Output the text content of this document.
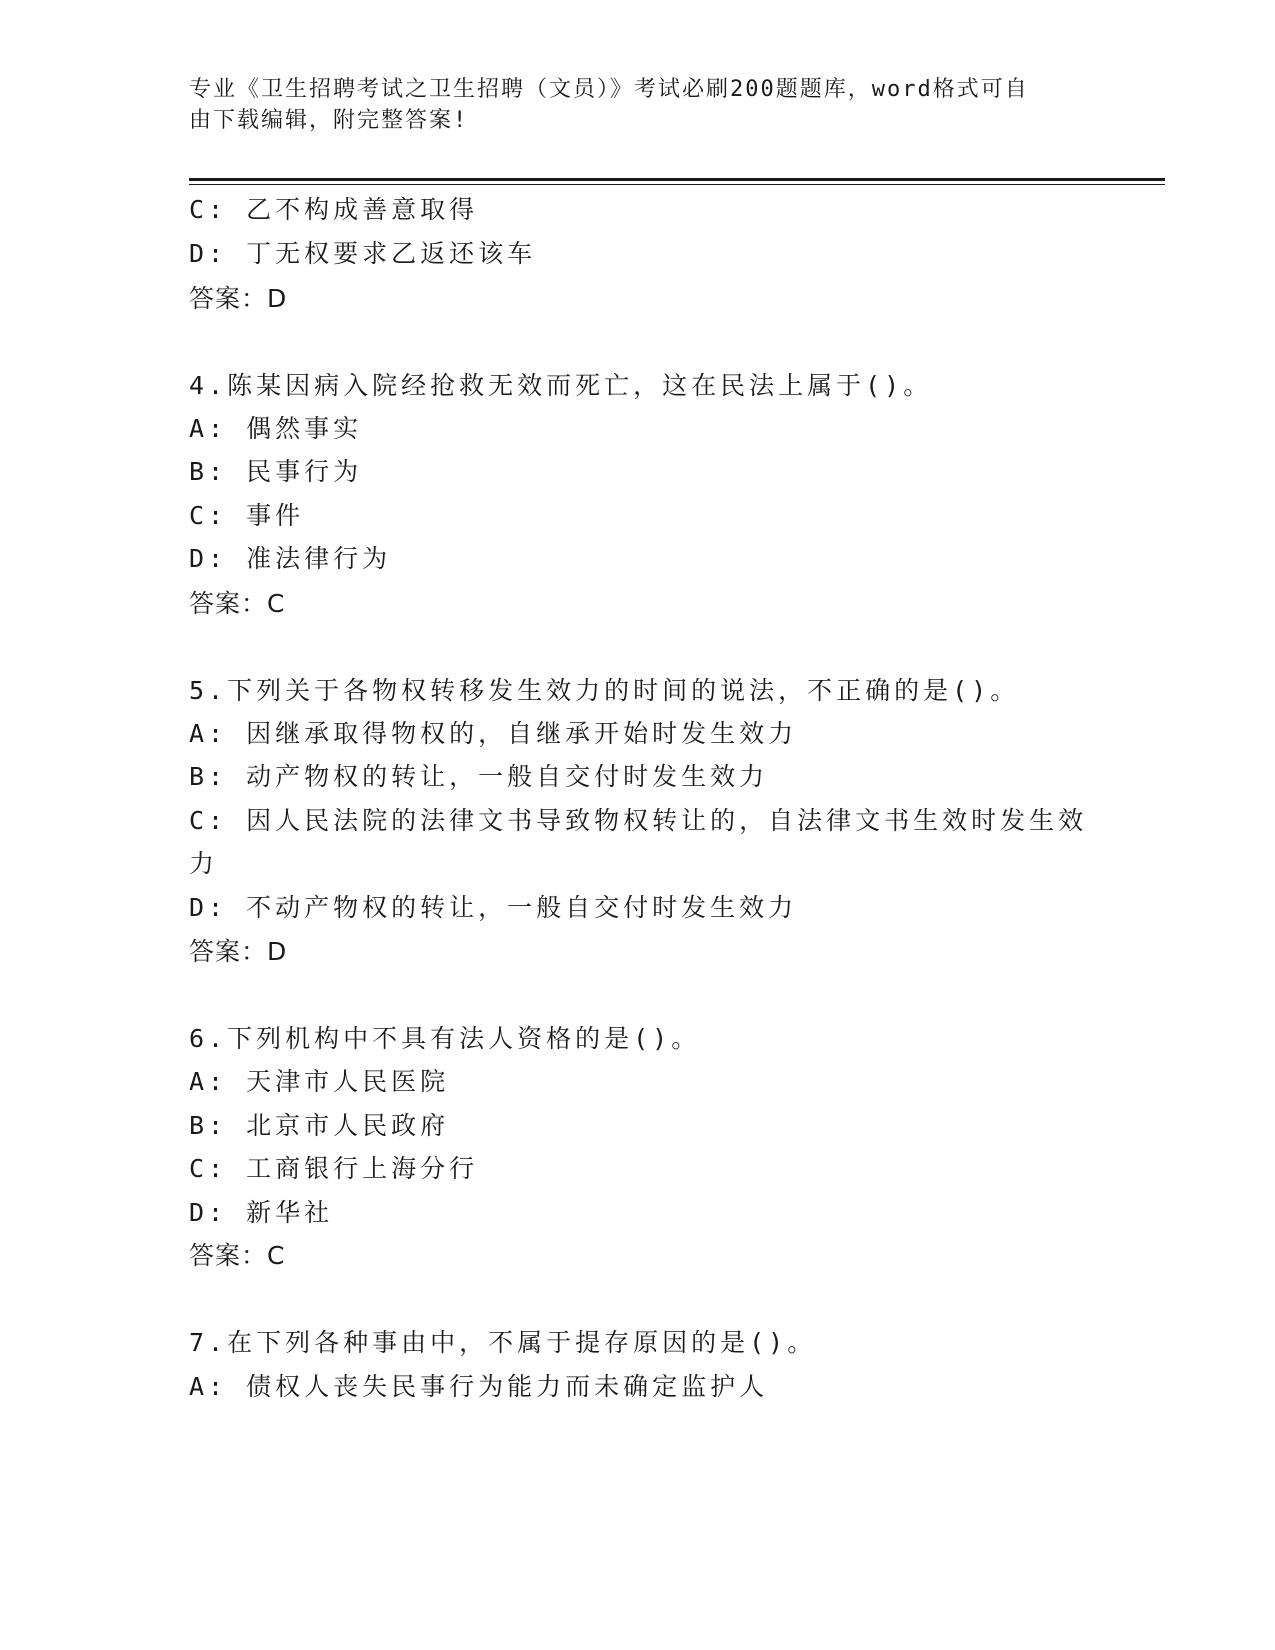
专业《卫生招聘考试之卫生招聘（文员）》考试必刷200题题库，word格式可自
由下载编辑，附完整答案!
C: 乙不构成善意取得
D: 丁无权要求乙返还该车
答案：D
4.陈某因病入院经抢救无效而死亡，这在民法上属于()。
A: 偶然事实
B: 民事行为
C: 事件
D: 准法律行为
答案：C
5.下列关于各物权转移发生效力的时间的说法，不正确的是()。
A: 因继承取得物权的，自继承开始时发生效力
B: 动产物权的转让，一般自交付时发生效力
C: 因人民法院的法律文书导致物权转让的，自法律文书生效时发生效
力
D: 不动产物权的转让，一般自交付时发生效力
答案：D
6.下列机构中不具有法人资格的是()。
A: 天津市人民医院
B: 北京市人民政府
C: 工商银行上海分行
D: 新华社
答案：C
7.在下列各种事由中，不属于提存原因的是()。
A: 债权人丧失民事行为能力而未确定监护人
